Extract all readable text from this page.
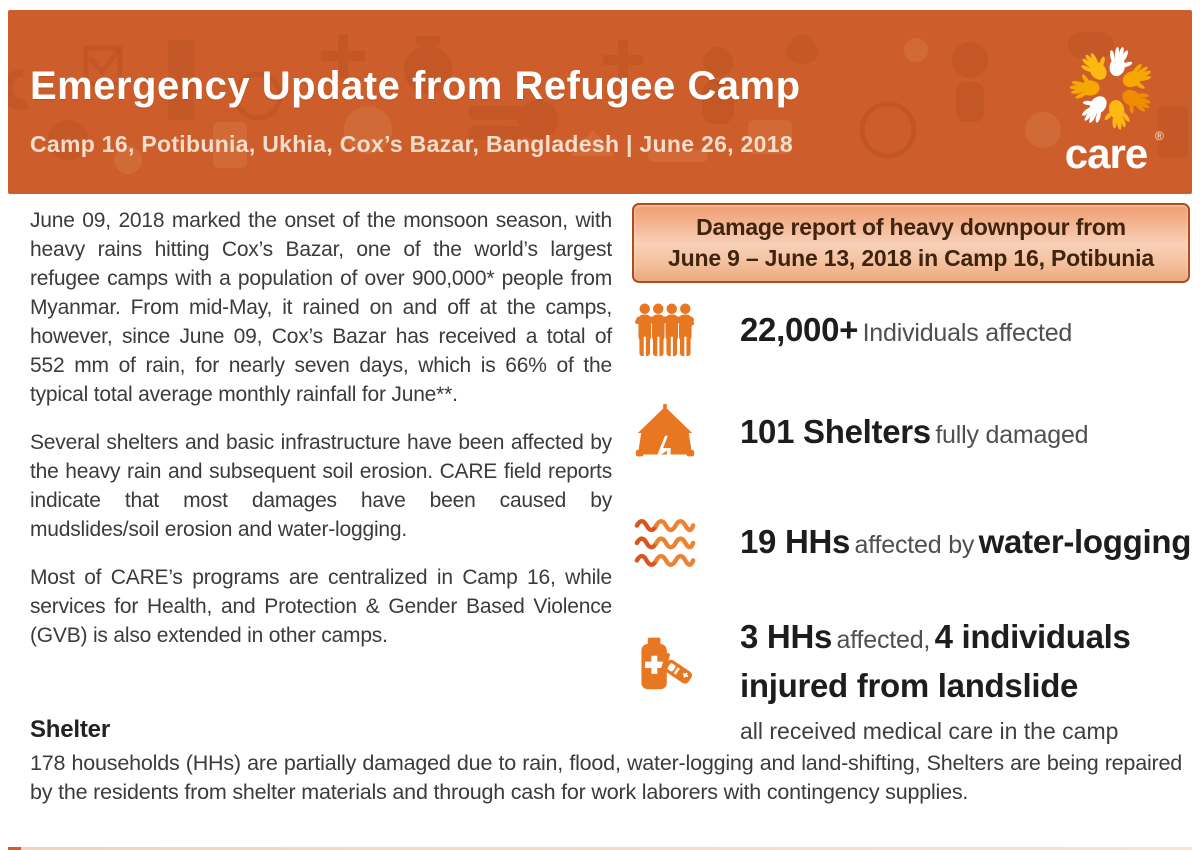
Emergency Update from Refugee Camp
Camp 16, Potibunia, Ukhia, Cox’s Bazar, Bangladesh | June 26, 2018	care ®

June 09, 2018 marked the onset of the monsoon season, with heavy rains hitting Cox’s Bazar, one of the world’s largest refugee camps with a population of over 900,000* people from Myanmar. From mid-May, it rained on and off at the camps, however, since June 09, Cox’s Bazar has received a total of 552 mm of rain, for nearly seven days, which is 66% of the typical total average monthly rainfall for June**.

Several shelters and basic infrastructure have been affected by the heavy rain and subsequent soil erosion. CARE field reports indicate that most damages have been caused by mudslides/soil erosion and water-logging.

Most of CARE’s programs are centralized in Camp 16, while services for Health, and Protection & Gender Based Violence (GVB) is also extended in other camps.

Damage report of heavy downpour from
June 9 – June 13, 2018 in Camp 16, Potibunia
22,000+ Individuals affected
101 Shelters fully damaged
19 HHs affected by water-logging
3 HHs affected, 4 individuals
injured from landslide
all received medical care in the camp
Shelter

178 households (HHs) are partially damaged due to rain, flood, water-logging and land-shifting, Shelters are being repaired by the residents from shelter materials and through cash for work laborers with contingency supplies.
